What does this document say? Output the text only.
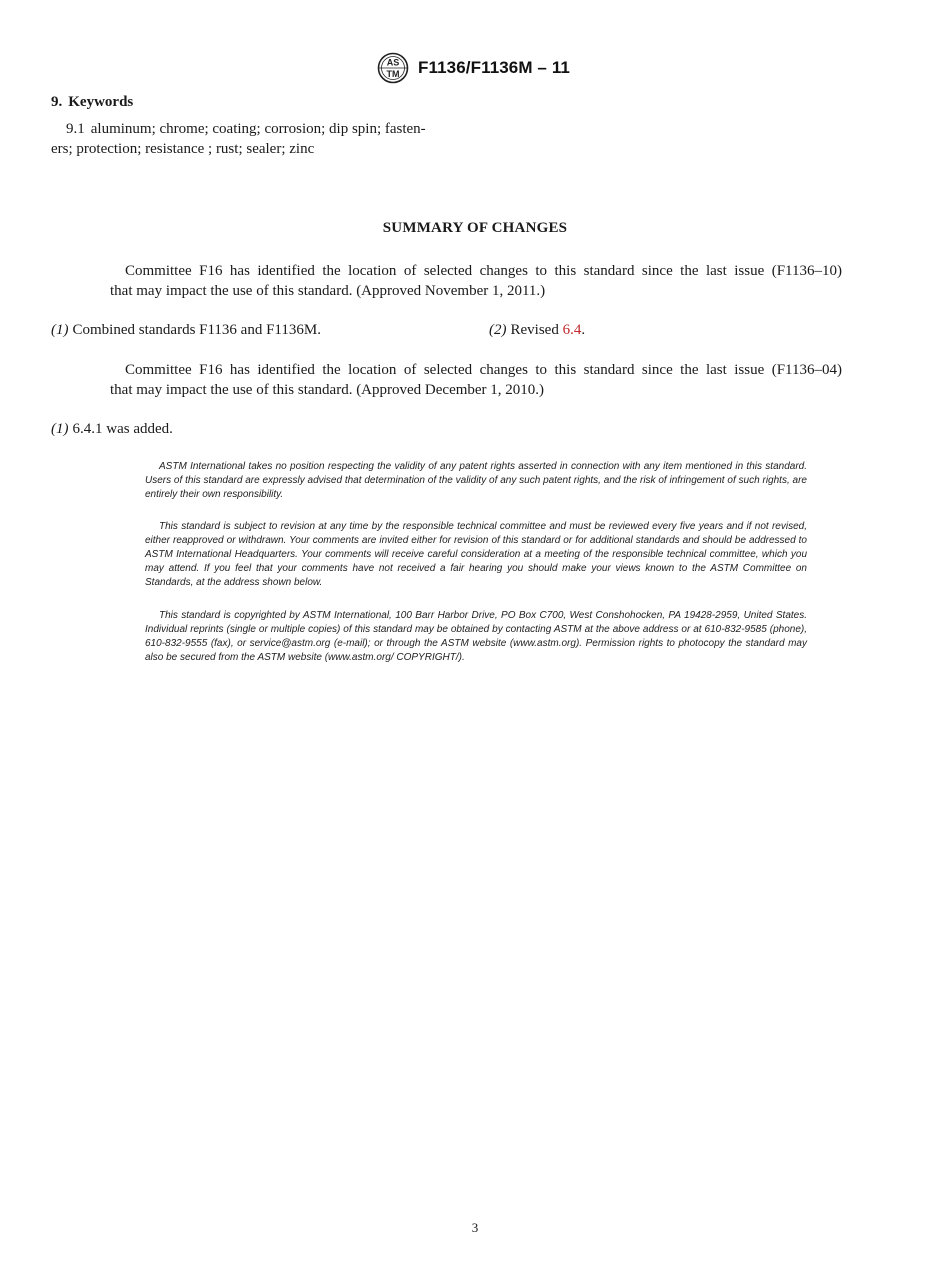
AS
TM F1136/F1136M – 11
9. Keywords
9.1 aluminum; chrome; coating; corrosion; dip spin; fasten-
ers; protection; resistance ; rust; sealer; zinc
SUMMARY OF CHANGES
Committee F16 has identified the location of selected changes to this standard since the last issue (F1136–10)
that may impact the use of this standard. (Approved November 1, 2011.)
(1) Combined standards F1136 and F1136M.	(2) Revised 6.4.
Committee F16 has identified the location of selected changes to this standard since the last issue (F1136–04)
that may impact the use of this standard. (Approved December 1, 2010.)
(1) 6.4.1 was added.
ASTM International takes no position respecting the validity of any patent rights asserted in connection with any item mentioned in this standard. Users of this standard are expressly advised that determination of the validity of any such patent rights, and the risk of infringement of such rights, are entirely their own responsibility.
This standard is subject to revision at any time by the responsible technical committee and must be reviewed every five years and if not revised, either reapproved or withdrawn. Your comments are invited either for revision of this standard or for additional standards and should be addressed to ASTM International Headquarters. Your comments will receive careful consideration at a meeting of the responsible technical committee, which you may attend. If you feel that your comments have not received a fair hearing you should make your views known to the ASTM Committee on Standards, at the address shown below.
This standard is copyrighted by ASTM International, 100 Barr Harbor Drive, PO Box C700, West Conshohocken, PA 19428-2959, United States. Individual reprints (single or multiple copies) of this standard may be obtained by contacting ASTM at the above address or at 610-832-9585 (phone), 610-832-9555 (fax), or service@astm.org (e-mail); or through the ASTM website (www.astm.org). Permission rights to photocopy the standard may also be secured from the ASTM website (www.astm.org/ COPYRIGHT/).
3
